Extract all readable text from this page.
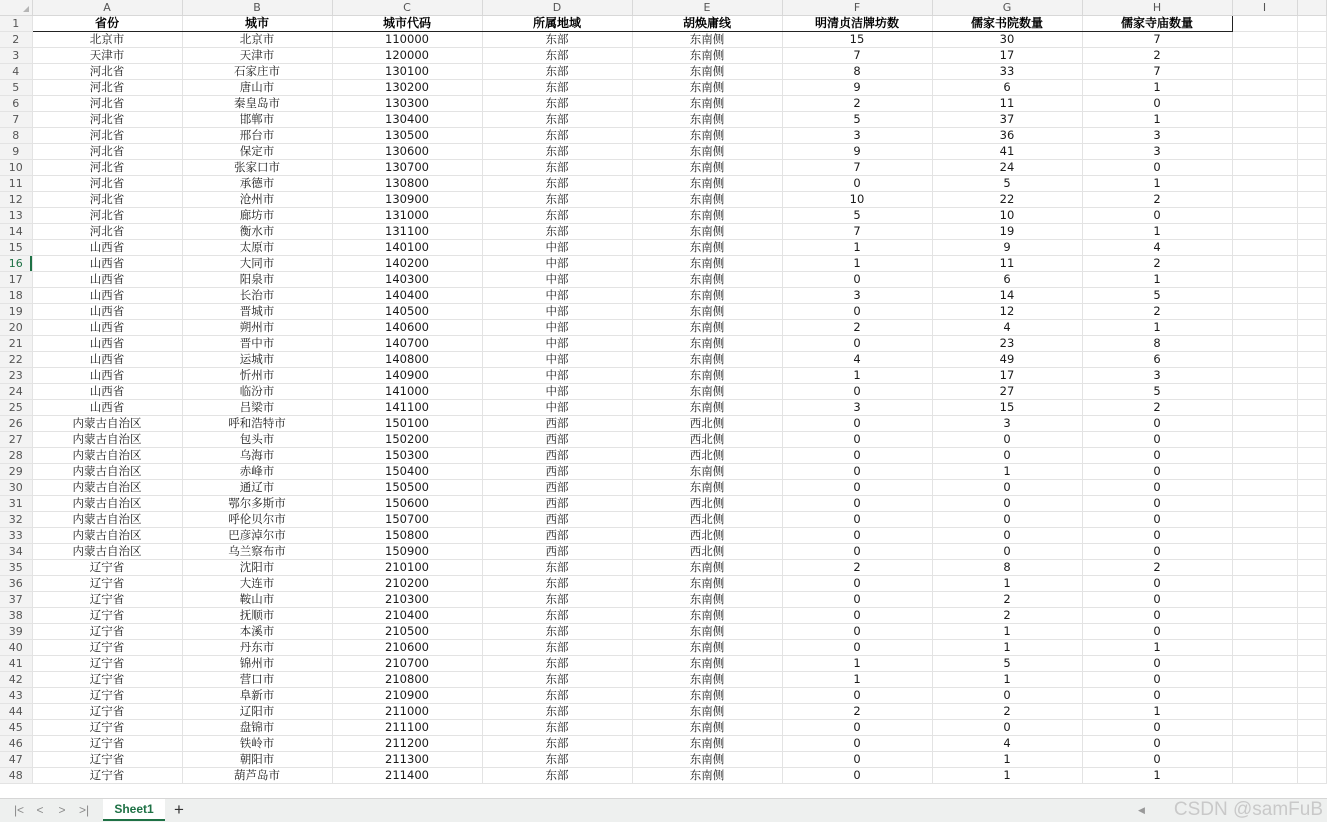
	A	B	C	D	E	F	G	H	I	
1	省份	城市	城市代码	所属地域	胡焕庸线	明清贞洁牌坊数	儒家书院数量	儒家寺庙数量		
2	北京市	北京市	110000	东部	东南侧	15	30	7		
3	天津市	天津市	120000	东部	东南侧	7	17	2		
4	河北省	石家庄市	130100	东部	东南侧	8	33	7		
5	河北省	唐山市	130200	东部	东南侧	9	6	1		
6	河北省	秦皇岛市	130300	东部	东南侧	2	11	0		
7	河北省	邯郸市	130400	东部	东南侧	5	37	1		
8	河北省	邢台市	130500	东部	东南侧	3	36	3		
9	河北省	保定市	130600	东部	东南侧	9	41	3		
10	河北省	张家口市	130700	东部	东南侧	7	24	0		
11	河北省	承德市	130800	东部	东南侧	0	5	1		
12	河北省	沧州市	130900	东部	东南侧	10	22	2		
13	河北省	廊坊市	131000	东部	东南侧	5	10	0		
14	河北省	衡水市	131100	东部	东南侧	7	19	1		
15	山西省	太原市	140100	中部	东南侧	1	9	4		
16	山西省	大同市	140200	中部	东南侧	1	11	2		
17	山西省	阳泉市	140300	中部	东南侧	0	6	1		
18	山西省	长治市	140400	中部	东南侧	3	14	5		
19	山西省	晋城市	140500	中部	东南侧	0	12	2		
20	山西省	朔州市	140600	中部	东南侧	2	4	1		
21	山西省	晋中市	140700	中部	东南侧	0	23	8		
22	山西省	运城市	140800	中部	东南侧	4	49	6		
23	山西省	忻州市	140900	中部	东南侧	1	17	3		
24	山西省	临汾市	141000	中部	东南侧	0	27	5		
25	山西省	吕梁市	141100	中部	东南侧	3	15	2		
26	内蒙古自治区	呼和浩特市	150100	西部	西北侧	0	3	0		
27	内蒙古自治区	包头市	150200	西部	西北侧	0	0	0		
28	内蒙古自治区	乌海市	150300	西部	西北侧	0	0	0		
29	内蒙古自治区	赤峰市	150400	西部	东南侧	0	1	0		
30	内蒙古自治区	通辽市	150500	西部	东南侧	0	0	0		
31	内蒙古自治区	鄂尔多斯市	150600	西部	西北侧	0	0	0		
32	内蒙古自治区	呼伦贝尔市	150700	西部	西北侧	0	0	0		
33	内蒙古自治区	巴彦淖尔市	150800	西部	西北侧	0	0	0		
34	内蒙古自治区	乌兰察布市	150900	西部	西北侧	0	0	0		
35	辽宁省	沈阳市	210100	东部	东南侧	2	8	2		
36	辽宁省	大连市	210200	东部	东南侧	0	1	0		
37	辽宁省	鞍山市	210300	东部	东南侧	0	2	0		
38	辽宁省	抚顺市	210400	东部	东南侧	0	2	0		
39	辽宁省	本溪市	210500	东部	东南侧	0	1	0		
40	辽宁省	丹东市	210600	东部	东南侧	0	1	1		
41	辽宁省	锦州市	210700	东部	东南侧	1	5	0		
42	辽宁省	营口市	210800	东部	东南侧	1	1	0		
43	辽宁省	阜新市	210900	东部	东南侧	0	0	0		
44	辽宁省	辽阳市	211000	东部	东南侧	2	2	1		
45	辽宁省	盘锦市	211100	东部	东南侧	0	0	0		
46	辽宁省	铁岭市	211200	东部	东南侧	0	4	0		
47	辽宁省	朝阳市	211300	东部	东南侧	0	1	0		
48	辽宁省	葫芦岛市	211400	东部	东南侧	0	1	1		
|<	<	>	>|	Sheet1	+	◀	CSDN @samFuB
